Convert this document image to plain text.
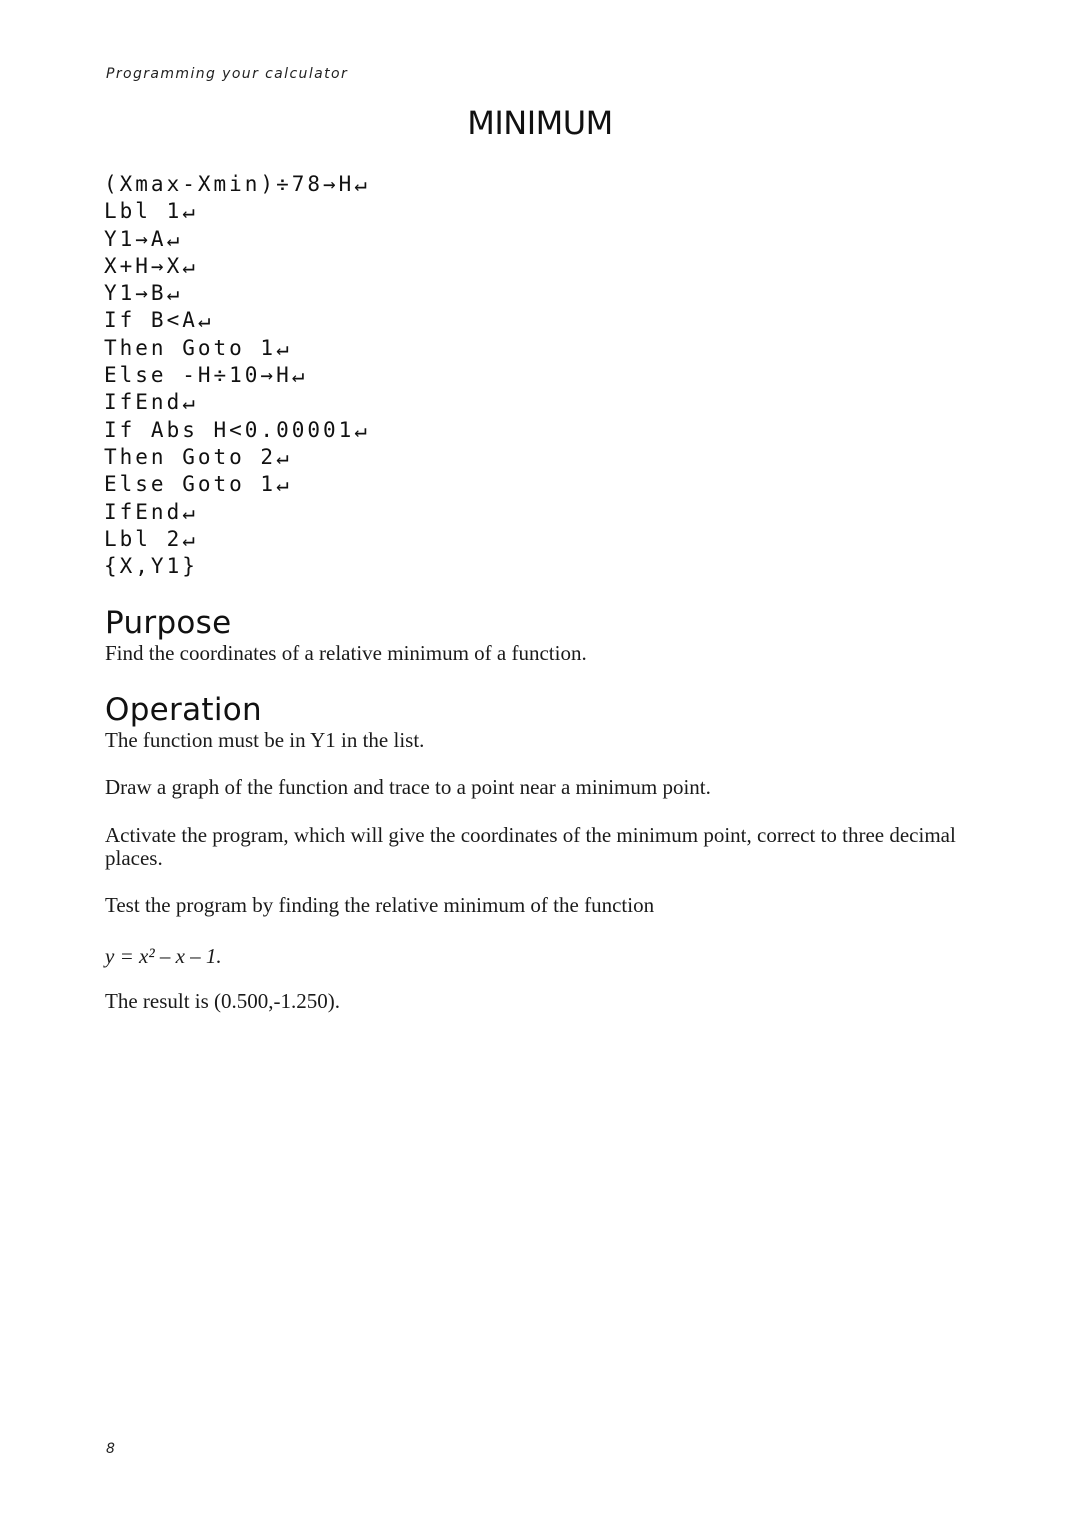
Programming your calculator
MINIMUM
(Xmax-Xmin)÷78→H↵
Lbl 1↵
Y1→A↵
X+H→X↵
Y1→B↵
If B<A↵
Then Goto 1↵
Else -H÷10→H↵
IfEnd↵
If Abs H<0.00001↵
Then Goto 2↵
Else Goto 1↵
IfEnd↵
Lbl 2↵
{X,Y1}
Purpose

Find the coordinates of a relative minimum of a function.

Operation

The function must be in Y1 in the list.

Draw a graph of the function and trace to a point near a minimum point.

Activate the program, which will give the coordinates of the minimum point, correct to three decimal places.

Test the program by finding the relative minimum of the function

y = x² – x – 1.

The result is (0.500,-1.250).

8
